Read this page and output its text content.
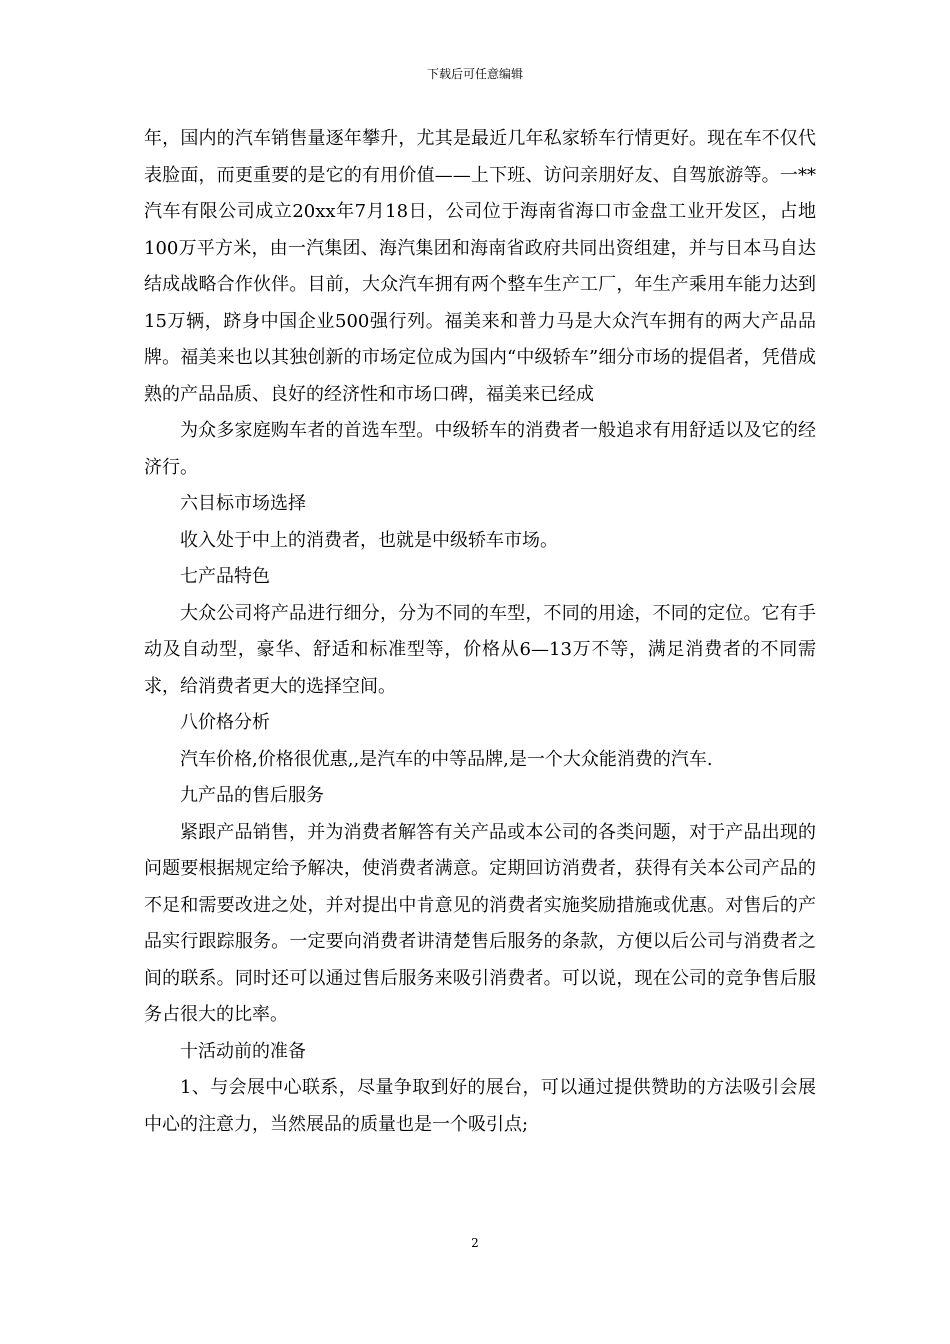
下载后可任意编辑

年，国内的汽车销售量逐年攀升，尤其是最近几年私家轿车行情更好。现在车不仅代表脸面，而更重要的是它的有用价值——上下班、访问亲朋好友、自驾旅游等。一**汽车有限公司成立20xx年7月18日，公司位于海南省海口市金盘工业开发区，占地100万平方米，由一汽集团、海汽集团和海南省政府共同出资组建，并与日本马自达结成战略合作伙伴。目前，大众汽车拥有两个整车生产工厂，年生产乘用车能力达到15万辆，跻身中国企业500强行列。福美来和普力马是大众汽车拥有的两大产品品牌。福美来也以其独创新的市场定位成为国内“中级轿车”细分市场的提倡者，凭借成熟的产品品质、良好的经济性和市场口碑，福美来已经成

为众多家庭购车者的首选车型。中级轿车的消费者一般追求有用舒适以及它的经济行。

六目标市场选择

收入处于中上的消费者，也就是中级轿车市场。

七产品特色

大众公司将产品进行细分，分为不同的车型，不同的用途，不同的定位。它有手动及自动型，豪华、舒适和标准型等，价格从6—13万不等，满足消费者的不同需求，给消费者更大的选择空间。

八价格分析

汽车价格,价格很优惠,,是汽车的中等品牌,是一个大众能消费的汽车.

九产品的售后服务

紧跟产品销售，并为消费者解答有关产品或本公司的各类问题，对于产品出现的问题要根据规定给予解决，使消费者满意。定期回访消费者，获得有关本公司产品的不足和需要改进之处，并对提出中肯意见的消费者实施奖励措施或优惠。对售后的产品实行跟踪服务。一定要向消费者讲清楚售后服务的条款，方便以后公司与消费者之间的联系。同时还可以通过售后服务来吸引消费者。可以说，现在公司的竞争售后服务占很大的比率。

十活动前的准备

1、与会展中心联系，尽量争取到好的展台，可以通过提供赞助的方法吸引会展中心的注意力，当然展品的质量也是一个吸引点;

2
